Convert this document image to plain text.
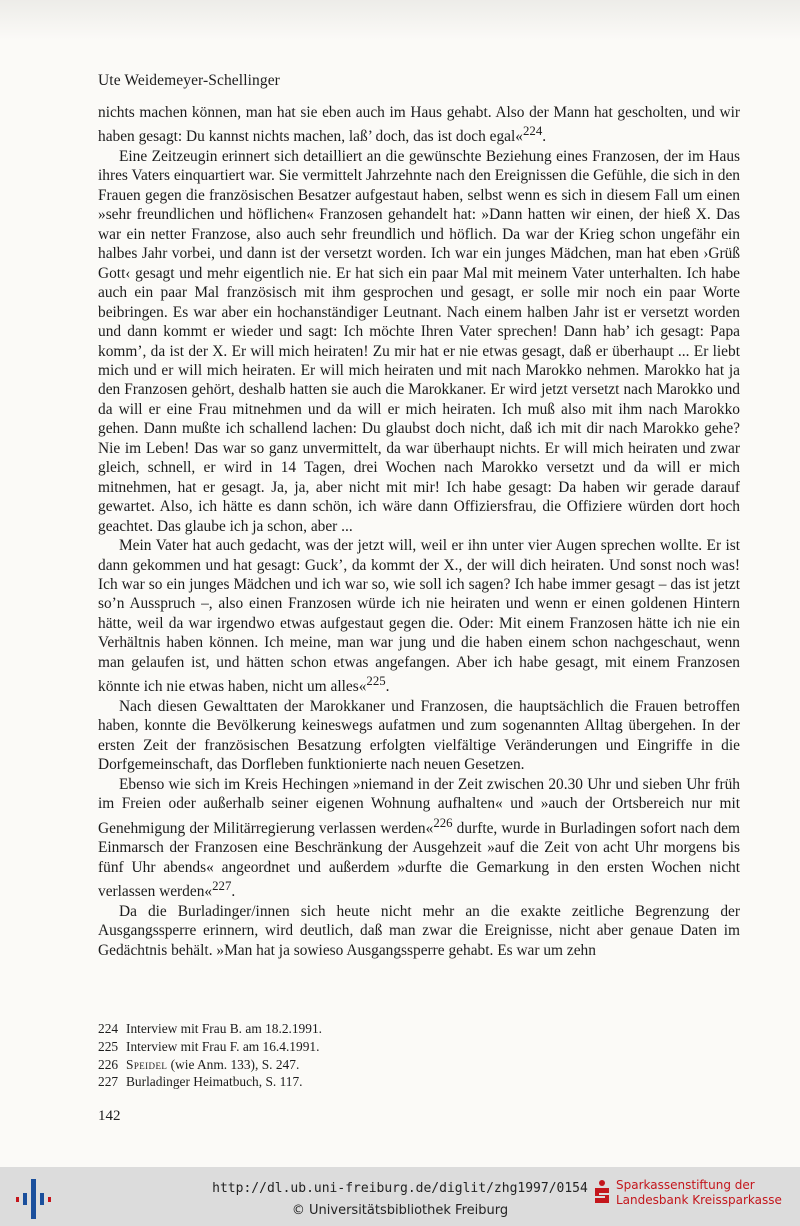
Ute Weidemeyer-Schellinger

nichts machen können, man hat sie eben auch im Haus gehabt. Also der Mann hat gescholten, und wir haben gesagt: Du kannst nichts machen, laß’ doch, das ist doch egal«$^{224}$.

Eine Zeitzeugin erinnert sich detailliert an die gewünschte Beziehung eines Franzosen, der im Haus ihres Vaters einquartiert war. Sie vermittelt Jahrzehnte nach den Ereignissen die Gefühle, die sich in den Frauen gegen die französischen Besatzer aufgestaut haben, selbst wenn es sich in diesem Fall um einen »sehr freundlichen und höflichen« Franzosen gehandelt hat: »Dann hatten wir einen, der hieß X. Das war ein netter Franzose, also auch sehr freundlich und höflich. Da war der Krieg schon ungefähr ein halbes Jahr vorbei, und dann ist der versetzt worden. Ich war ein junges Mädchen, man hat eben ›Grüß Gott‹ gesagt und mehr eigentlich nie. Er hat sich ein paar Mal mit meinem Vater unterhalten. Ich habe auch ein paar Mal französisch mit ihm gesprochen und gesagt, er solle mir noch ein paar Worte beibringen. Es war aber ein hochanständiger Leutnant. Nach einem halben Jahr ist er versetzt worden und dann kommt er wieder und sagt: Ich möchte Ihren Vater sprechen! Dann hab’ ich gesagt: Papa komm’, da ist der X. Er will mich heiraten! Zu mir hat er nie etwas gesagt, daß er überhaupt ... Er liebt mich und er will mich heiraten. Er will mich heiraten und mit nach Marokko nehmen. Marokko hat ja den Franzosen gehört, deshalb hatten sie auch die Marokkaner. Er wird jetzt versetzt nach Marokko und da will er eine Frau mitnehmen und da will er mich heiraten. Ich muß also mit ihm nach Marokko gehen. Dann mußte ich schallend lachen: Du glaubst doch nicht, daß ich mit dir nach Marokko gehe? Nie im Leben! Das war so ganz unvermittelt, da war überhaupt nichts. Er will mich heiraten und zwar gleich, schnell, er wird in 14 Tagen, drei Wochen nach Marokko versetzt und da will er mich mitnehmen, hat er gesagt. Ja, ja, aber nicht mit mir! Ich habe gesagt: Da haben wir gerade darauf gewartet. Also, ich hätte es dann schön, ich wäre dann Offiziersfrau, die Offiziere würden dort hoch geachtet. Das glaube ich ja schon, aber ...

Mein Vater hat auch gedacht, was der jetzt will, weil er ihn unter vier Augen sprechen wollte. Er ist dann gekommen und hat gesagt: Guck’, da kommt der X., der will dich heiraten. Und sonst noch was! Ich war so ein junges Mädchen und ich war so, wie soll ich sagen? Ich habe immer gesagt – das ist jetzt so’n Ausspruch –, also einen Franzosen würde ich nie heiraten und wenn er einen goldenen Hintern hätte, weil da war irgendwo etwas aufgestaut gegen die. Oder: Mit einem Franzosen hätte ich nie ein Verhältnis haben können. Ich meine, man war jung und die haben einem schon nachgeschaut, wenn man gelaufen ist, und hätten schon etwas angefangen. Aber ich habe gesagt, mit einem Franzosen könnte ich nie etwas haben, nicht um alles«$^{225}$.

Nach diesen Gewalttaten der Marokkaner und Franzosen, die hauptsächlich die Frauen betroffen haben, konnte die Bevölkerung keineswegs aufatmen und zum sogenannten Alltag übergehen. In der ersten Zeit der französischen Besatzung erfolgten vielfältige Veränderungen und Eingriffe in die Dorfgemeinschaft, das Dorfleben funktionierte nach neuen Gesetzen.

Ebenso wie sich im Kreis Hechingen »niemand in der Zeit zwischen 20.30 Uhr und sieben Uhr früh im Freien oder außerhalb seiner eigenen Wohnung aufhalten« und »auch der Ortsbereich nur mit Genehmigung der Militärregierung verlassen werden«$^{226}$ durfte, wurde in Burladingen sofort nach dem Einmarsch der Franzosen eine Beschränkung der Ausgehzeit »auf die Zeit von acht Uhr morgens bis fünf Uhr abends« angeordnet und außerdem »durfte die Gemarkung in den ersten Wochen nicht verlassen werden«$^{227}$.

Da die Burladinger/innen sich heute nicht mehr an die exakte zeitliche Begrenzung der Ausgangssperre erinnern, wird deutlich, daß man zwar die Ereignisse, nicht aber genaue Daten im Gedächtnis behält. »Man hat ja sowieso Ausgangssperre gehabt. Es war um zehn

224 Interview mit Frau B. am 18.2.1991.
225 Interview mit Frau F. am 16.4.1991.
226 Speidel (wie Anm. 133), S. 247.
227 Burladinger Heimatbuch, S. 117.
142
http://dl.ub.uni-freiburg.de/diglit/zhg1997/0154
© Universitätsbibliothek Freiburg
Sparkassenstiftung der
Landesbank Kreissparkasse
